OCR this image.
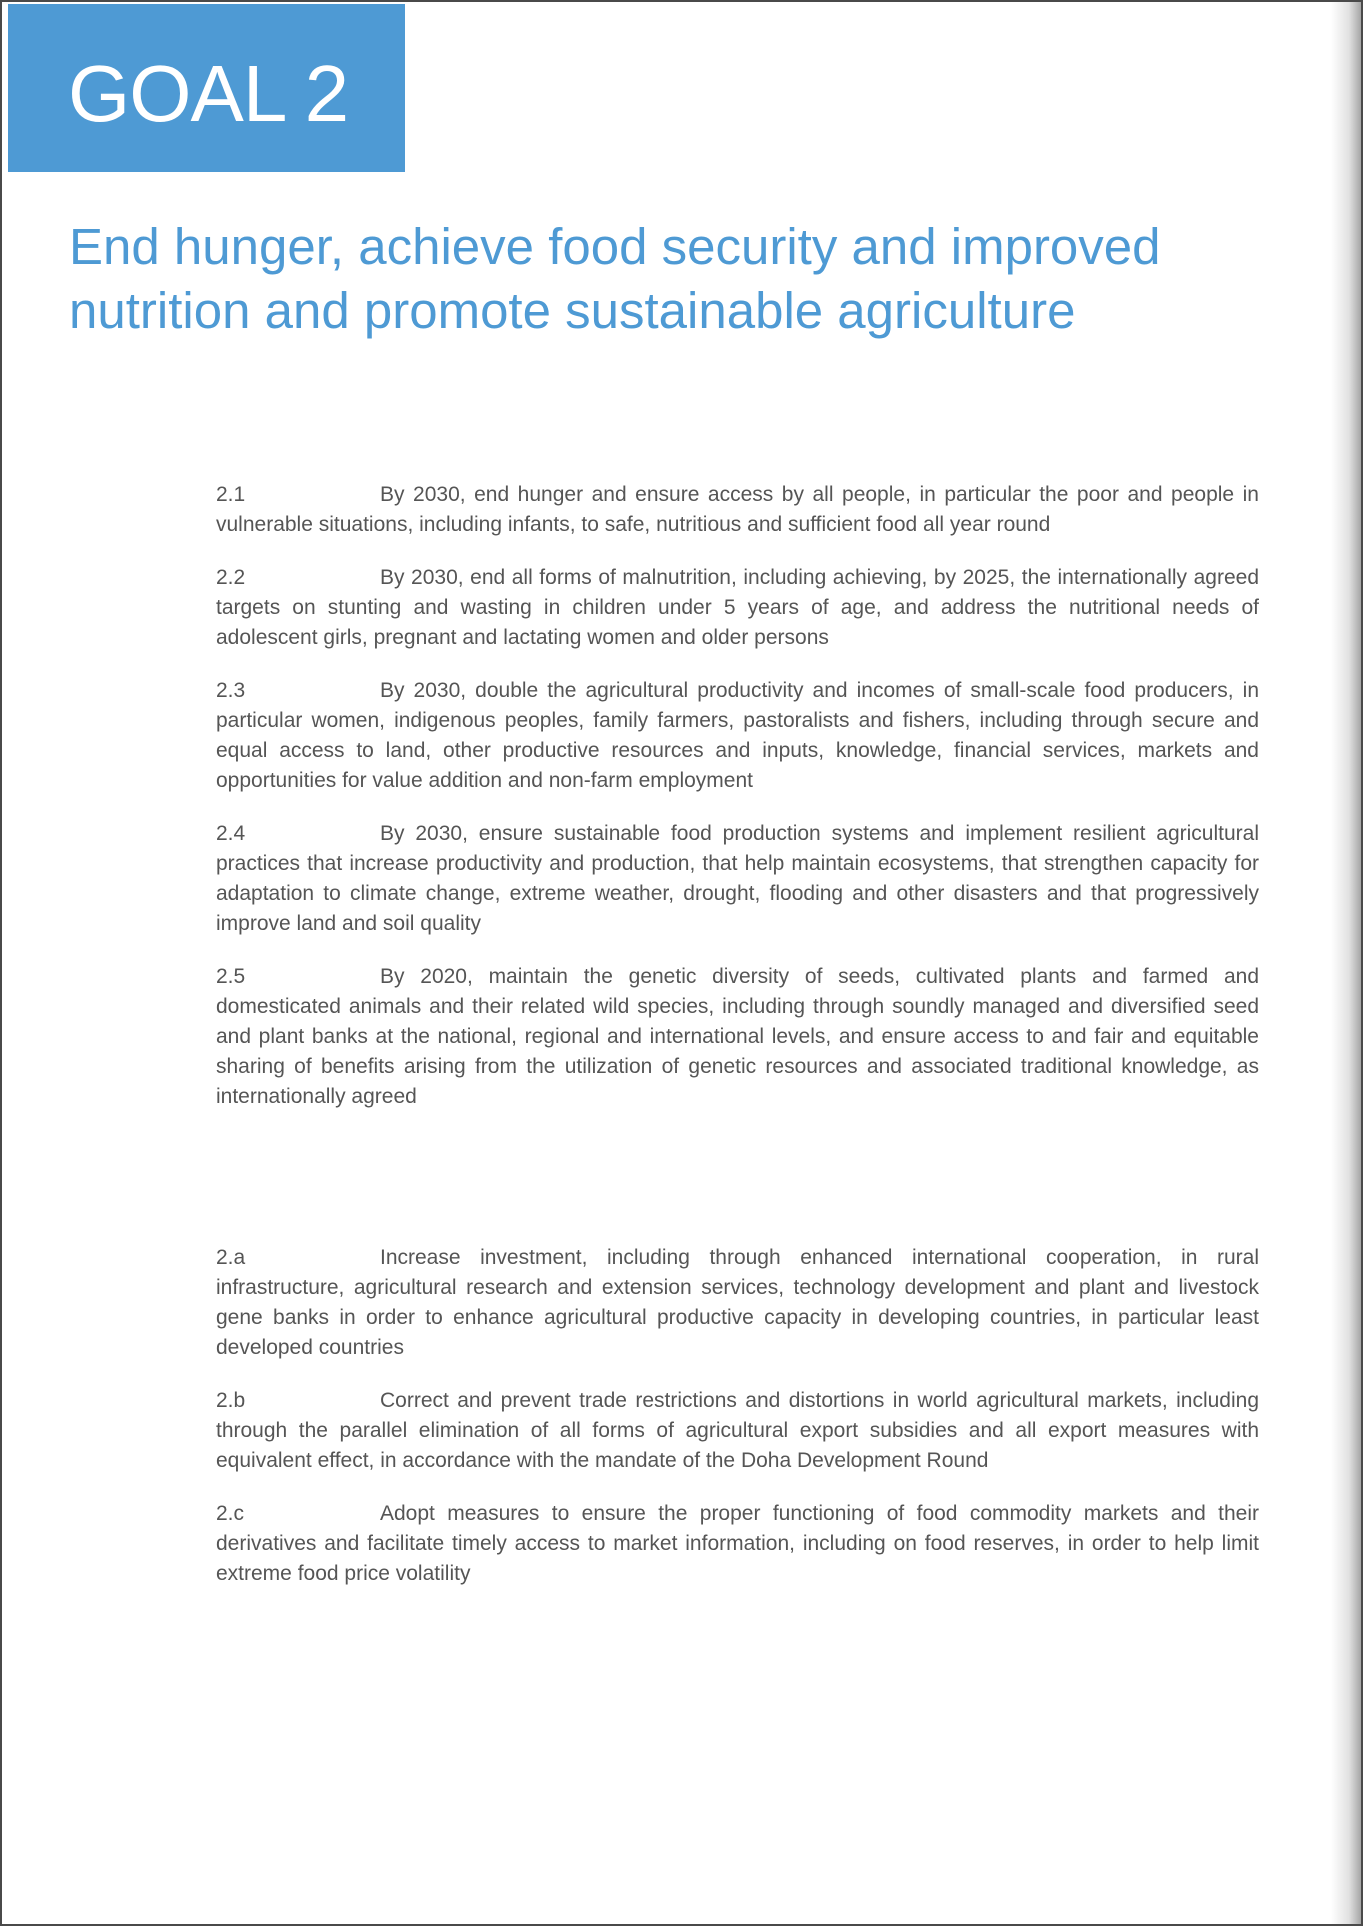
GOAL 2
End hunger, achieve food security and improved nutrition and promote sustainable agriculture

2.1	By 2030, end hunger and ensure access by all people, in particular the poor and people in vulnerable situations, including infants, to safe, nutritious and sufficient food all year round

2.2	By 2030, end all forms of malnutrition, including achieving, by 2025, the internationally agreed targets on stunting and wasting in children under 5 years of age, and address the nutritional needs of adolescent girls, pregnant and lactating women and older persons

2.3	By 2030, double the agricultural productivity and incomes of small-scale food producers, in particular women, indigenous peoples, family farmers, pastoralists and fishers, including through secure and equal access to land, other productive resources and inputs, knowledge, financial services, markets and opportunities for value addition and non-farm employment

2.4	By 2030, ensure sustainable food production systems and implement resilient agricultural practices that increase productivity and production, that help maintain ecosystems, that strengthen capacity for adaptation to climate change, extreme weather, drought, flooding and other disasters and that progressively improve land and soil quality

2.5	By 2020, maintain the genetic diversity of seeds, cultivated plants and farmed and domesticated animals and their related wild species, including through soundly managed and diversified seed and plant banks at the national, regional and international levels, and ensure access to and fair and equitable sharing of benefits arising from the utilization of genetic resources and associated traditional knowledge, as internationally agreed

2.a	Increase investment, including through enhanced international cooperation, in rural infrastructure, agricultural research and extension services, technology development and plant and livestock gene banks in order to enhance agricultural productive capacity in developing countries, in particular least developed countries

2.b	Correct and prevent trade restrictions and distortions in world agricultural markets, including through the parallel elimination of all forms of agricultural export subsidies and all export measures with equivalent effect, in accordance with the mandate of the Doha Development Round

2.c	Adopt measures to ensure the proper functioning of food commodity markets and their derivatives and facilitate timely access to market information, including on food reserves, in order to help limit extreme food price volatility
